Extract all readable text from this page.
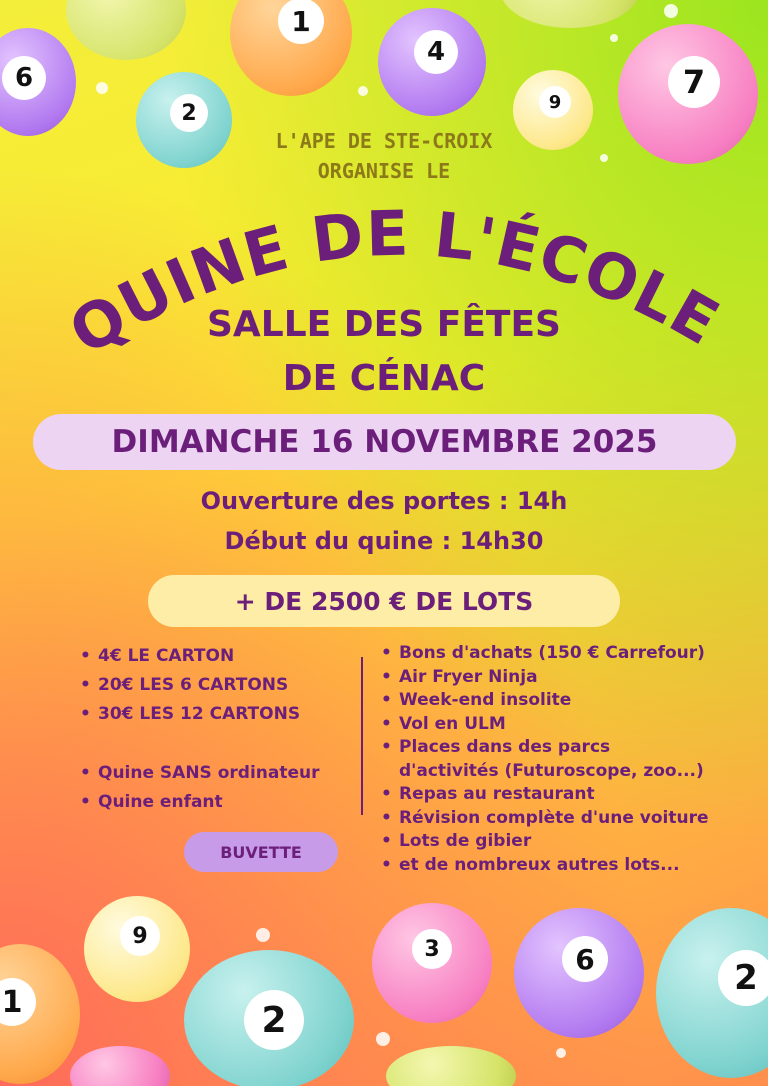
1
4
6	7
2	9
L'APE DE STE-CROIX
ORGANISE LE
QUINE DE L'ÉCOLE
SALLE DES FÊTES
DE CÉNAC
DIMANCHE 16 NOVEMBRE 2025
Ouverture des portes : 14h
Début du quine : 14h30
+ DE 2500 € DE LOTS
• 4€ LE CARTON
• 20€ LES 6 CARTONS
• 30€ LES 12 CARTONS
• Quine SANS ordinateur
• Quine enfant
• Bons d'achats (150 € Carrefour)
• Air Fryer Ninja
• Week-end insolite
• Vol en ULM
• Places dans des parcs
d'activités (Futuroscope, zoo...)
• Repas au restaurant
• Révision complète d'une voiture
• Lots de gibier
• et de nombreux autres lots...
BUVETTE
9
3	6	2
1	2
